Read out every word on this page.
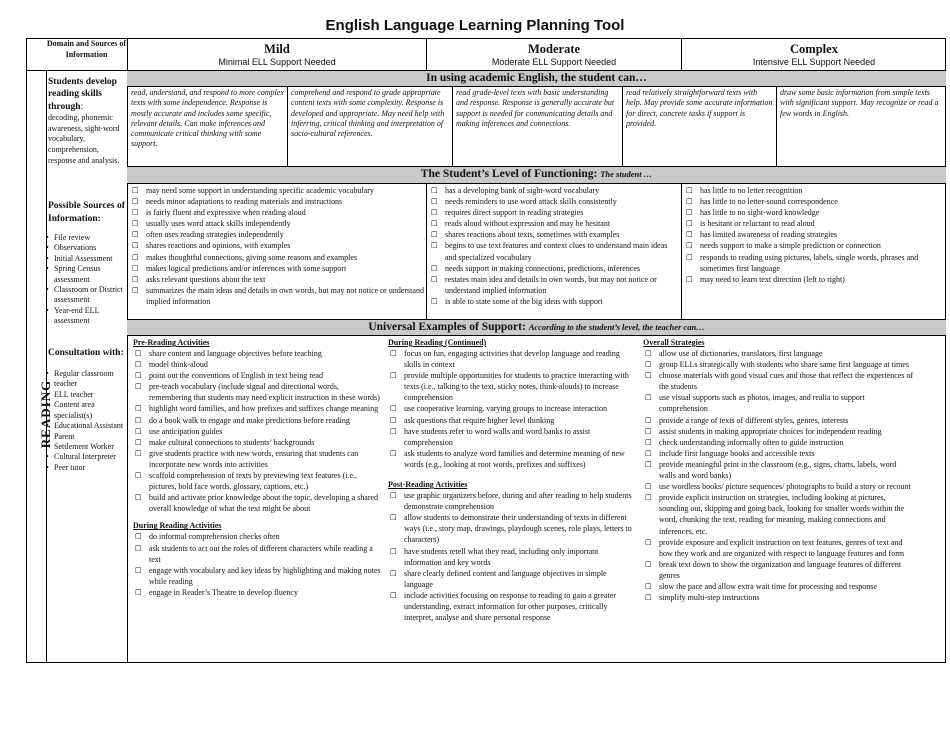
English Language Learning Planning Tool
Domain and Sources of Information	Mild
Minimal ELL Support Needed
Moderate
Moderate ELL Support Needed
Complex
Intensive ELL Support Needed
READING
Students develop reading skills through:
decoding, phonemic awareness, sight-word vocabulary, comprehension, response and analysis.
Possible Sources of Information:
• File review
• Observations
• Initial Assessment
• Spring Census assessment
• Classroom or District assessment
• Year-end ELL assessment
Consultation with:
• Regular classroom teacher
• ELL teacher
• Content area specialist(s)
• Educational Assistant
• Parent
• Settlement Worker
• Cultural Interpreter
• Peer tutor
In using academic English, the student can…
read, understand, and respond to more complex texts with some independence. Response is mostly accurate and includes some specific, relevant details. Can make inferences and communicate critical thinking with some support.
comprehend and respond to grade appropriate content texts with some complexity. Response is developed and appropriate. May need help with inferring, critical thinking and interpretation of socio-cultural references.
read grade-level texts with basic understanding and response. Response is generally accurate but support is needed for communicating details and making inferences and connections.
read relatively straightforward texts with help. May provide some accurate information for direct, concrete tasks if support is provided.
draw some basic information from simple texts with significant support. May recognize or read a few words in English.
The Student’s Level of Functioning: The student …
☐ may need some support in understanding specific academic vocabulary
☐ needs minor adaptations to reading materials and instructions
☐ is fairly fluent and expressive when reading aloud
☐ usually uses word attack skills independently
☐ often uses reading strategies independently
☐ shares reactions and opinions, with examples
☐ makes thoughtful connections, giving some reasons and examples
☐ makes logical predictions and/or inferences with some support
☐ asks relevant questions about the text
☐ summarizes the main ideas and details in own words, but may not notice or understand implied information
☐ has a developing bank of sight-word vocabulary
☐ needs reminders to use word attack skills consistently
☐ requires direct support in reading strategies
☐ reads aloud without expression and may be hesitant
☐ shares reactions about texts, sometimes with examples
☐ begins to use text features and context clues to understand main ideas and specialized vocabulary
☐ needs support in making connections, predictions, inferences
☐ restates main idea and details in own words, but may not notice or understand implied information
☐ is able to state some of the big ideas with support
☐ has little to no letter recognition
☐ has little to no letter-sound correspondence
☐ has little to no sight-word knowledge
☐ is hesitant or reluctant to read aloud
☐ has limited awareness of reading strategies
☐ needs support to make a simple prediction or connection
☐ responds to reading using pictures, labels, single words, phrases and sometimes first language
☐ may need to learn text direction (left to right)
Universal Examples of Support: According to the student’s level, the teacher can…
Pre-Reading Activities
☐ share content and language objectives before teaching
☐ model think-aloud
☐ point out the conventions of English in text being read
☐ pre-teach vocabulary (include signal and directional words, remembering that students may need explicit instruction in these words)
☐ highlight word families, and how prefixes and suffixes change meaning
☐ do a book walk to engage and make predictions before reading
☐ use anticipation guides
☐ make cultural connections to students’ backgrounds
☐ give students practice with new words, ensuring that students can incorporate new words into activities
☐ scaffold comprehension of texts by previewing text features (i.e., pictures, bold face words, glossary, captions, etc.)
☐ build and activate prior knowledge about the topic, developing a shared overall knowledge of what the text might be about
During Reading Activities
☐ do informal comprehension checks often
☐ ask students to act out the roles of different characters while reading a text
☐ engage with vocabulary and key ideas by highlighting and making notes while reading
☐ engage in Reader’s Theatre to develop fluency
During Reading (Continued)
☐ focus on fun, engaging activities that develop language and reading skills in context
☐ provide multiple opportunities for students to practice interacting with texts (i.e., talking to the text, sticky notes, think-alouds) to increase comprehension
☐ use cooperative learning, varying groups to increase interaction
☐ ask questions that require higher level thinking
☐ have students refer to word walls and word banks to assist comprehension
☐ ask students to analyze word families and determine meaning of new words (e.g., looking at root words, prefixes and suffixes)
Post-Reading Activities
☐ use graphic organizers before, during and after reading to help students demonstrate comprehension
☐ allow students to demonstrate their understanding of texts in different ways (i.e., story map, drawings, playdough scenes, role plays, letters to characters)
☐ have students retell what they read, including only important information and key words
☐ share clearly defined content and language objectives in simple language
☐ include activities focusing on response to reading to gain a greater understanding, extract information for other purposes, critically interpret, analyse and share personal response
Overall Strategies
☐ allow use of dictionaries, translators, first language
☐ group ELLs strategically with students who share same first language at times
☐ choose materials with good visual cues and those that reflect the experiences of the students
☐ use visual supports such as photos, images, and realia to support comprehension
☐ provide a range of texts of different styles, genres, interests
☐ assist students in making appropriate choices for independent reading
☐ check understanding informally often to guide instruction
☐ include first language books and accessible texts
☐ provide meaningful print in the classroom (e.g., signs, charts, labels, word walls and word banks)
☐ use wordless books/ picture sequences/ photographs to build a story or recount
☐ provide explicit instruction on strategies, including looking at pictures, sounding out, skipping and going back, looking for smaller words within the word, chunking the text, reading for meaning, making connections and inferences, etc.
☐ provide exposure and explicit instruction on text features, genres of text and how they work and are organized with respect to language features and form
☐ break text down to show the organization and language features of different genres
☐ slow the pace and allow extra wait time for processing and response
☐ simplify multi-step instructions
